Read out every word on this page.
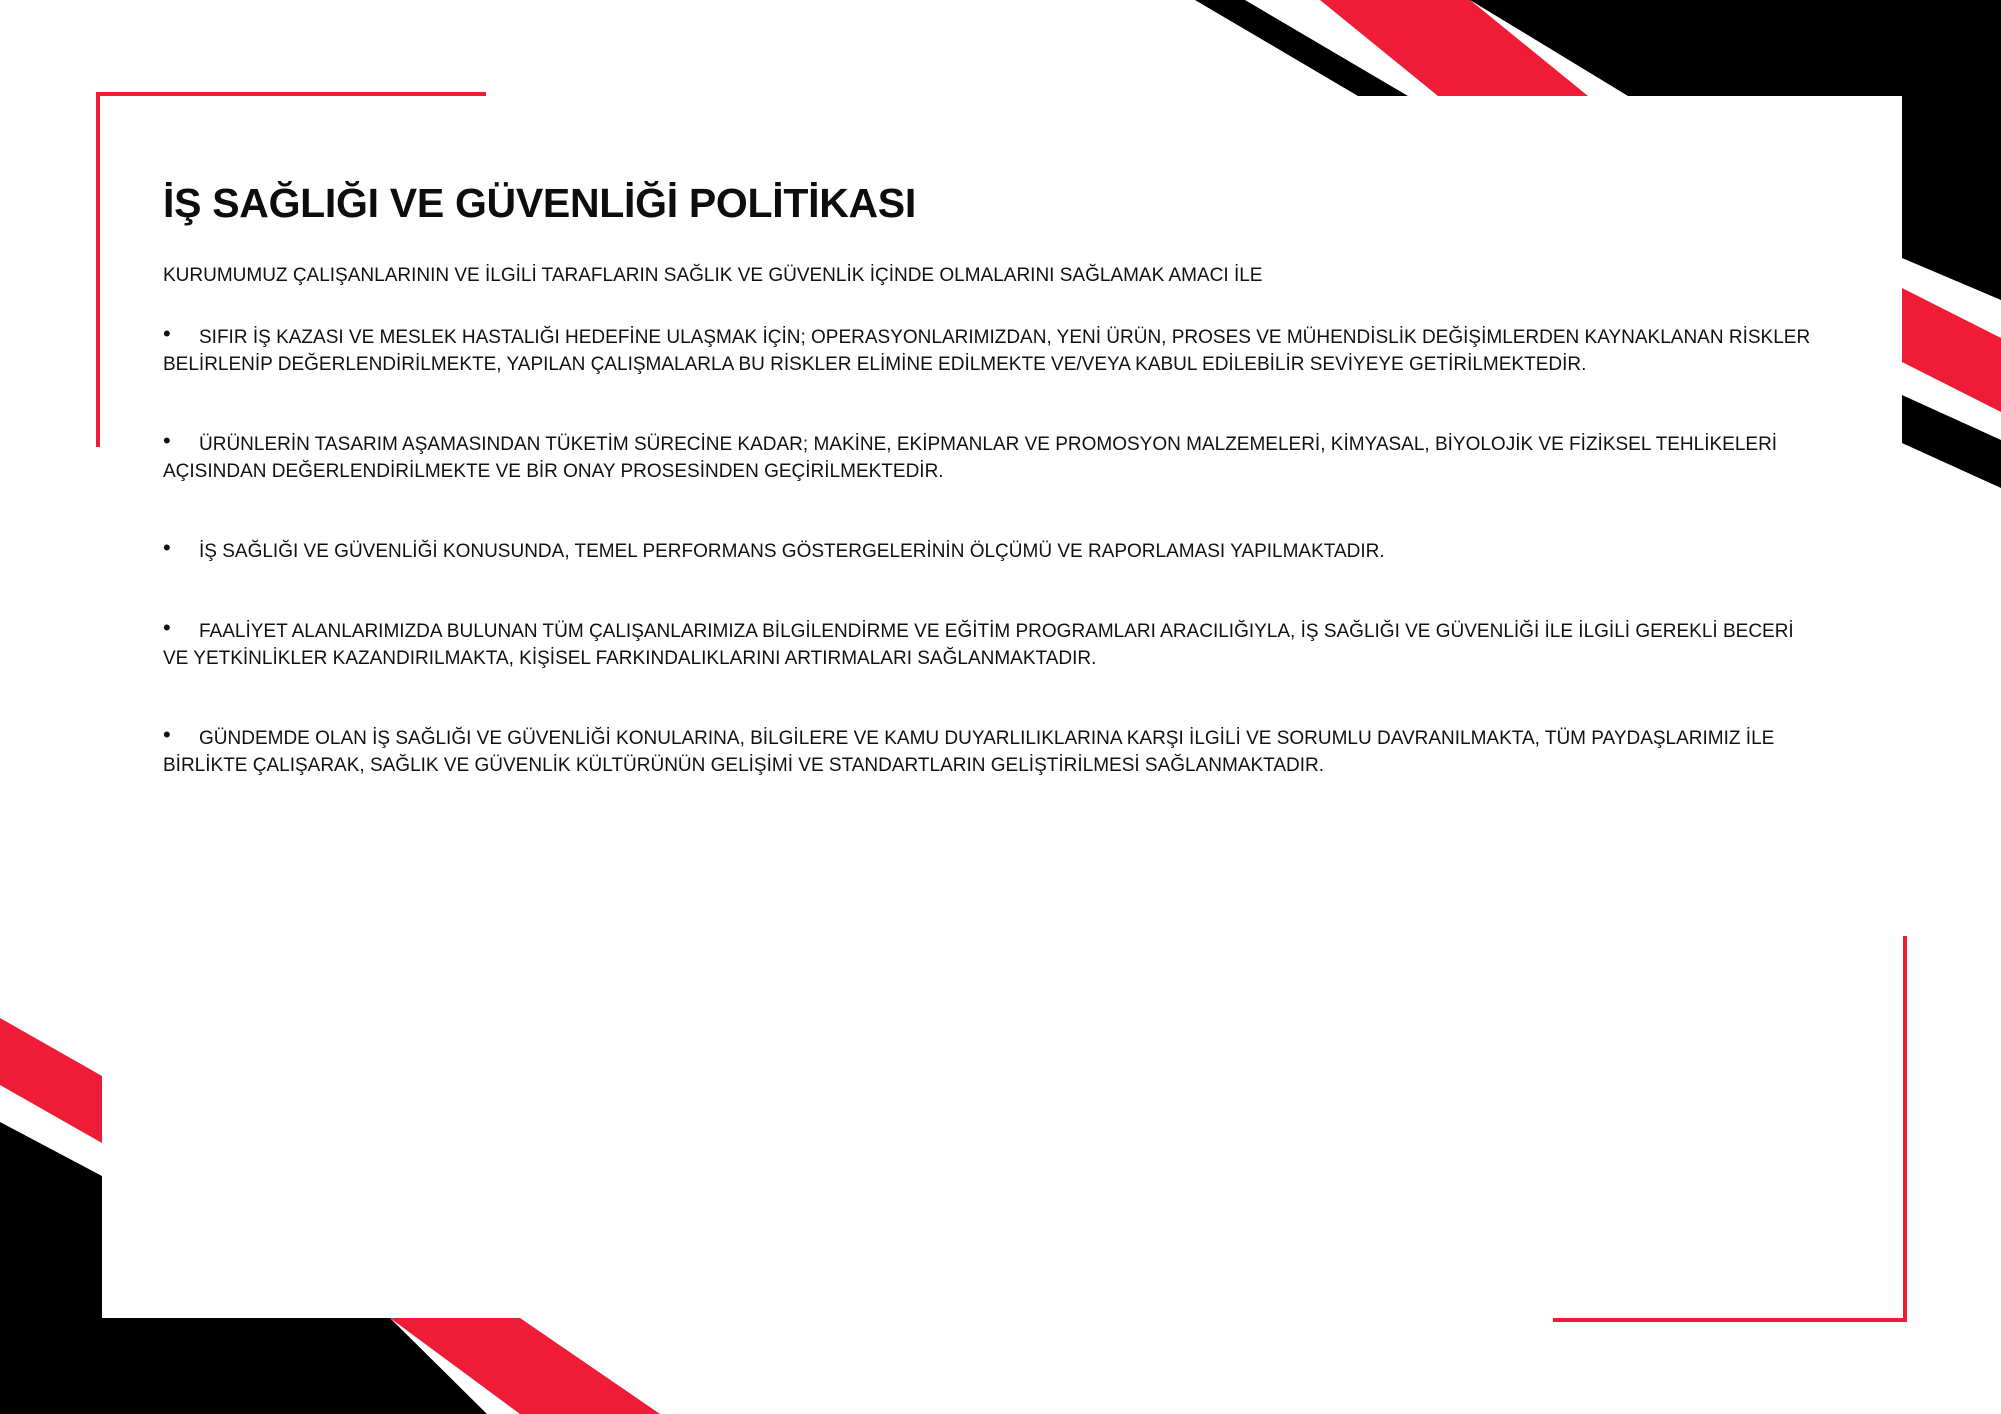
İŞ SAĞLIĞI VE GÜVENLİĞİ POLİTİKASI

KURUMUMUZ ÇALIŞANLARININ VE İLGİLİ TARAFLARIN SAĞLIK VE GÜVENLİK İÇİNDE OLMALARINI SAĞLAMAK AMACI İLE

• SIFIR İŞ KAZASI VE MESLEK HASTALIĞI HEDEFİNE ULAŞMAK İÇİN; OPERASYONLARIMIZDAN, YENİ ÜRÜN, PROSES VE MÜHENDİSLİK DEĞİŞİMLERDEN KAYNAKLANAN RİSKLER BELİRLENİP DEĞERLENDİRİLMEKTE, YAPILAN ÇALIŞMALARLA BU RİSKLER ELİMİNE EDİLMEKTE VE/VEYA KABUL EDİLEBİLİR SEVİYEYE GETİRİLMEKTEDİR.
• ÜRÜNLERİN TASARIM AŞAMASINDAN TÜKETİM SÜRECİNE KADAR; MAKİNE, EKİPMANLAR VE PROMOSYON MALZEMELERİ, KİMYASAL, BİYOLOJİK VE FİZİKSEL TEHLİKELERİ AÇISINDAN DEĞERLENDİRİLMEKTE VE BİR ONAY PROSESİNDEN GEÇİRİLMEKTEDİR.
• İŞ SAĞLIĞI VE GÜVENLİĞİ KONUSUNDA, TEMEL PERFORMANS GÖSTERGELERİNİN ÖLÇÜMÜ VE RAPORLAMASI YAPILMAKTADIR.
• FAALİYET ALANLARIMIZDA BULUNAN TÜM ÇALIŞANLARIMIZA BİLGİLENDİRME VE EĞİTİM PROGRAMLARI ARACILIĞIYLA, İŞ SAĞLIĞI VE GÜVENLİĞİ İLE İLGİLİ GEREKLİ BECERİ VE YETKİNLİKLER KAZANDIRILMAKTA, KİŞİSEL FARKINDALIKLARINI ARTIRMALARI SAĞLANMAKTADIR.
• GÜNDEMDE OLAN İŞ SAĞLIĞI VE GÜVENLİĞİ KONULARINA, BİLGİLERE VE KAMU DUYARLILIKLARINA KARŞI İLGİLİ VE SORUMLU DAVRANILMAKTA, TÜM PAYDAŞLARIMIZ İLE BİRLİKTE ÇALIŞARAK, SAĞLIK VE GÜVENLİK KÜLTÜRÜNÜN GELİŞİMİ VE STANDARTLARIN GELİŞTİRİLMESİ SAĞLANMAKTADIR.
